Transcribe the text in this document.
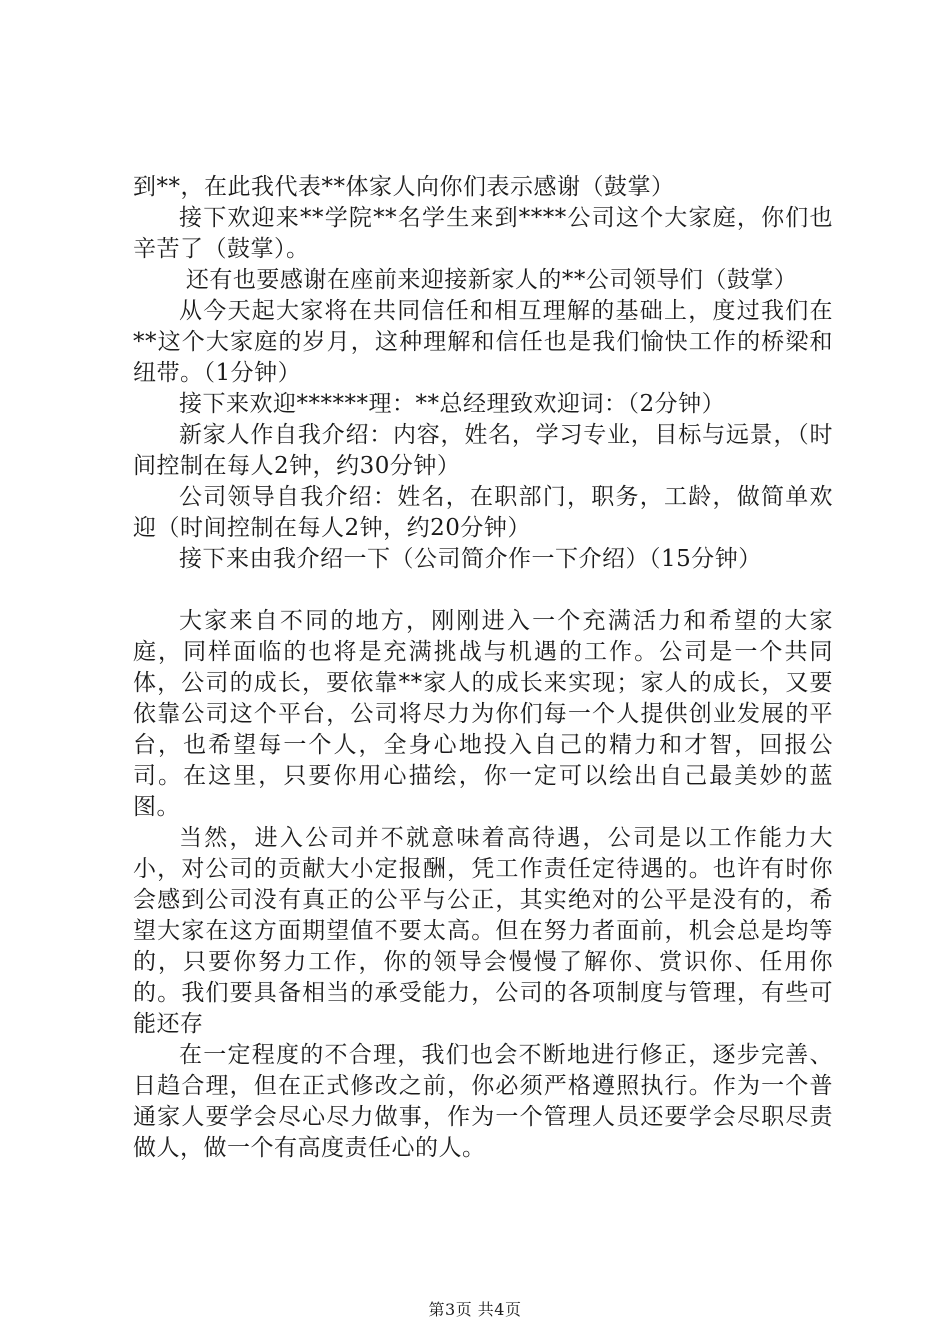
到**，在此我代表**体家人向你们表示感谢（鼓掌）

接下欢迎来**学院**名学生来到****公司这个大家庭，你们也辛苦了（鼓掌）。

还有也要感谢在座前来迎接新家人的**公司领导们（鼓掌）

从今天起大家将在共同信任和相互理解的基础上，度过我们在**这个大家庭的岁月，这种理解和信任也是我们愉快工作的桥梁和纽带。（1分钟）

接下来欢迎******理：**总经理致欢迎词：（2分钟）

新家人作自我介绍：内容，姓名，学习专业，目标与远景，（时间控制在每人2钟，约30分钟）

公司领导自我介绍：姓名，在职部门，职务，工龄，做简单欢迎（时间控制在每人2钟，约20分钟）

接下来由我介绍一下（公司简介作一下介绍）（15分钟）

大家来自不同的地方，刚刚进入一个充满活力和希望的大家庭，同样面临的也将是充满挑战与机遇的工作。公司是一个共同体，公司的成长，要依靠**家人的成长来实现；家人的成长，又要依靠公司这个平台，公司将尽力为你们每一个人提供创业发展的平台，也希望每一个人，全身心地投入自己的精力和才智，回报公司。在这里，只要你用心描绘，你一定可以绘出自己最美妙的蓝图。

当然，进入公司并不就意味着高待遇，公司是以工作能力大小，对公司的贡献大小定报酬，凭工作责任定待遇的。也许有时你会感到公司没有真正的公平与公正，其实绝对的公平是没有的，希望大家在这方面期望值不要太高。但在努力者面前，机会总是均等的，只要你努力工作，你的领导会慢慢了解你、赏识你、任用你的。我们要具备相当的承受能力，公司的各项制度与管理，有些可能还存

在一定程度的不合理，我们也会不断地进行修正，逐步完善、日趋合理，但在正式修改之前，你必须严格遵照执行。作为一个普通家人要学会尽心尽力做事，作为一个管理人员还要学会尽职尽责做人，做一个有高度责任心的人。

第3页 共4页
